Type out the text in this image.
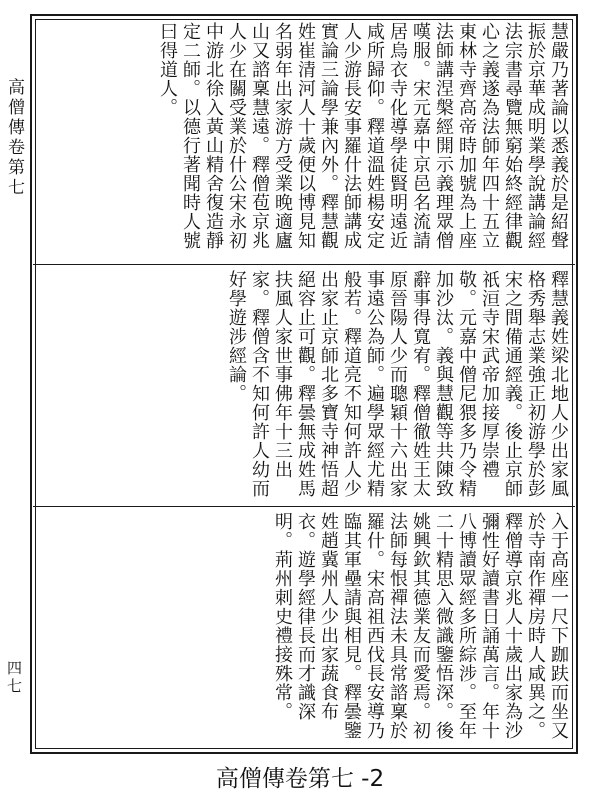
高僧傳卷第七
四七

慧嚴乃著論以悉義於是紹聲振於京華成明業學說講論經法宗書尋覽無窮始終經律觀心之義遂為法師年四十五立東林寺齊高帝時加號為上座法師講涅槃經開示義理眾僧嘆服。宋元嘉中京邑名流請居烏衣寺化導學徒賢明遠近咸所歸仰。釋道溫姓楊安定人少游長安事羅什法師講成實論三論學兼內外。釋慧觀姓崔清河人十歲便以博見知名弱年出家游方受業晚適廬山又諮稟慧遠。釋僧苞京兆人少在關受業於什公宋永初中游北徐入黃山精舍復造靜定二師。以德行著聞時人號曰得道人。

釋慧義姓梁北地人少出家風格秀舉志業強正初游學於彭宋之間備通經義。後止京師祇洹寺宋武帝加接厚崇禮敬。元嘉中僧尼猥多乃令精加沙汰。義與慧觀等共陳致辭事得寬宥。釋僧徹姓王太原晉陽人少而聰穎十六出家事遠公為師。遍學眾經尤精般若。釋道亮不知何許人少出家止京師北多寶寺神悟超絕容止可觀。釋曇無成姓馬扶風人家世事佛年十三出家。釋僧含不知何許人幼而好學遊涉經論。

入于高座一尺下跏趺而坐又於寺南作禪房時人咸異之。釋僧導京兆人十歲出家為沙彌性好讀書日誦萬言。年十八博讀眾經多所綜涉。至年二十精思入微識鑒悟深。後姚興欽其德業友而愛焉。初法師每恨禪法未具常諮稟於羅什。宋高祖西伐長安導乃臨其軍壘請與相見。釋曇鑒姓趙冀州人少出家蔬食布衣。遊學經律長而才識深明。荊州刺史禮接殊常。

高僧傳卷第七 -2
